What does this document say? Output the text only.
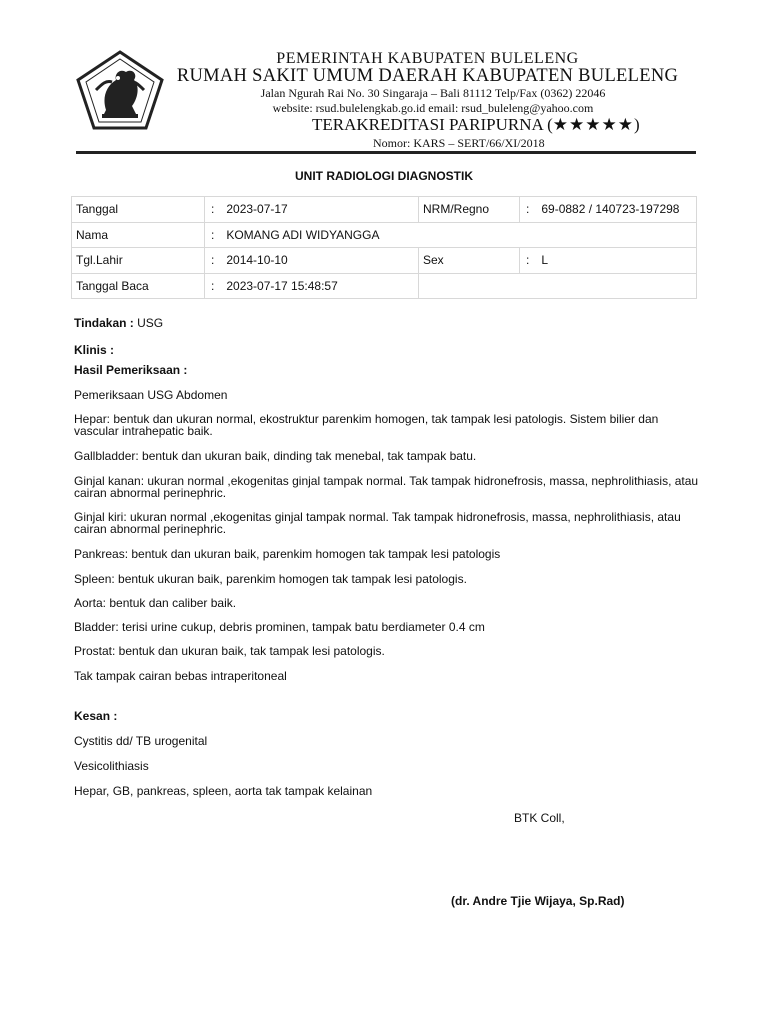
PEMERINTAH KABUPATEN BULELENG
RUMAH SAKIT UMUM DAERAH KABUPATEN BULELENG
Jalan Ngurah Rai No. 30 Singaraja – Bali 81112 Telp/Fax (0362) 22046
website: rsud.bulelengkab.go.id email: rsud_buleleng@yahoo.com
TERAKREDITASI PARIPURNA (★★★★★)
Nomor: KARS – SERT/66/XI/2018
UNIT RADIOLOGI DIAGNOSTIK
Tanggal	: 2023-07-17	NRM/Regno	: 69-0882 / 140723-197298
Nama	: KOMANG ADI WIDYANGGA		
Tgl.Lahir	: 2014-10-10	Sex	: L
Tanggal Baca	: 2023-07-17 15:48:57		
Tindakan : USG
Klinis :
Hasil Pemeriksaan :
Pemeriksaan USG Abdomen
Hepar: bentuk dan ukuran normal, ekostruktur parenkim homogen, tak tampak lesi patologis. Sistem bilier dan vascular intrahepatic baik.
Gallbladder: bentuk dan ukuran baik, dinding tak menebal, tak tampak batu.
Ginjal kanan: ukuran normal ,ekogenitas ginjal tampak normal. Tak tampak hidronefrosis, massa, nephrolithiasis, atau cairan abnormal perinephric.
Ginjal kiri: ukuran normal ,ekogenitas ginjal tampak normal. Tak tampak hidronefrosis, massa, nephrolithiasis, atau cairan abnormal perinephric.
Pankreas: bentuk dan ukuran baik, parenkim homogen tak tampak lesi patologis
Spleen: bentuk ukuran baik, parenkim homogen tak tampak lesi patologis.
Aorta: bentuk dan caliber baik.
Bladder: terisi urine cukup, debris prominen, tampak batu berdiameter 0.4 cm
Prostat: bentuk dan ukuran baik, tak tampak lesi patologis.
Tak tampak cairan bebas intraperitoneal
Kesan :
Cystitis dd/ TB urogenital
Vesicolithiasis
Hepar, GB, pankreas, spleen, aorta tak tampak kelainan
BTK Coll,
(dr. Andre Tjie Wijaya, Sp.Rad)
